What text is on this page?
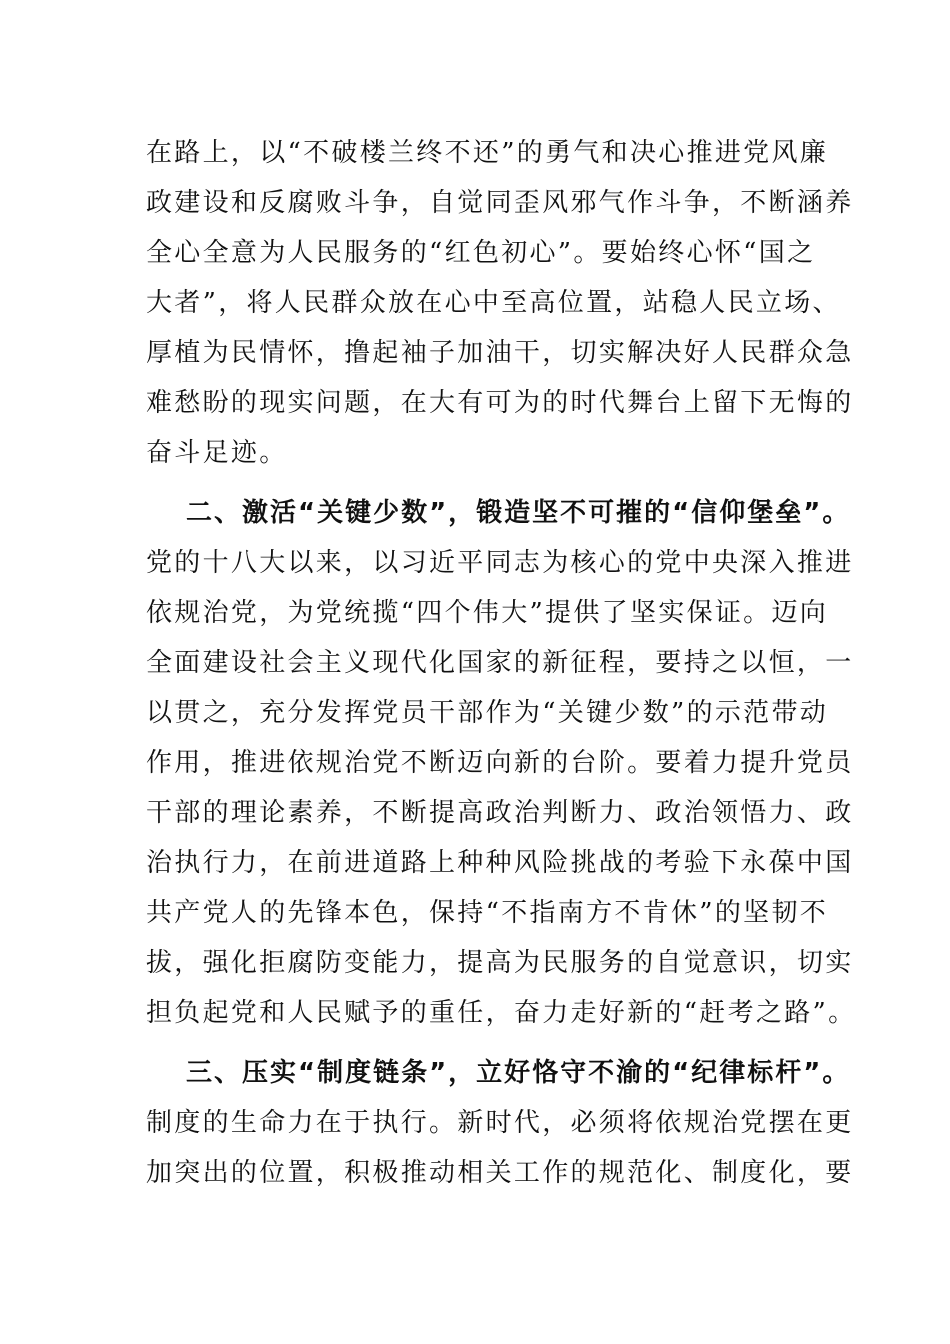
在路上，以“不破楼兰终不还”的勇气和决心推进党风廉
政建设和反腐败斗争，自觉同歪风邪气作斗争，不断涵养
全心全意为人民服务的“红色初心”。要始终心怀“国之
大者”，将人民群众放在心中至高位置，站稳人民立场、
厚植为民情怀，撸起袖子加油干，切实解决好人民群众急
难愁盼的现实问题，在大有可为的时代舞台上留下无悔的
奋斗足迹。
二、激活“关键少数”，锻造坚不可摧的“信仰堡垒”。
党的十八大以来，以习近平同志为核心的党中央深入推进
依规治党，为党统揽“四个伟大”提供了坚实保证。迈向
全面建设社会主义现代化国家的新征程，要持之以恒，一
以贯之，充分发挥党员干部作为“关键少数”的示范带动
作用，推进依规治党不断迈向新的台阶。要着力提升党员
干部的理论素养，不断提高政治判断力、政治领悟力、政
治执行力，在前进道路上种种风险挑战的考验下永葆中国
共产党人的先锋本色，保持“不指南方不肯休”的坚韧不
拔，强化拒腐防变能力，提高为民服务的自觉意识，切实
担负起党和人民赋予的重任，奋力走好新的“赶考之路”。
三、压实“制度链条”，立好恪守不渝的“纪律标杆”。
制度的生命力在于执行。新时代，必须将依规治党摆在更
加突出的位置，积极推动相关工作的规范化、制度化，要
